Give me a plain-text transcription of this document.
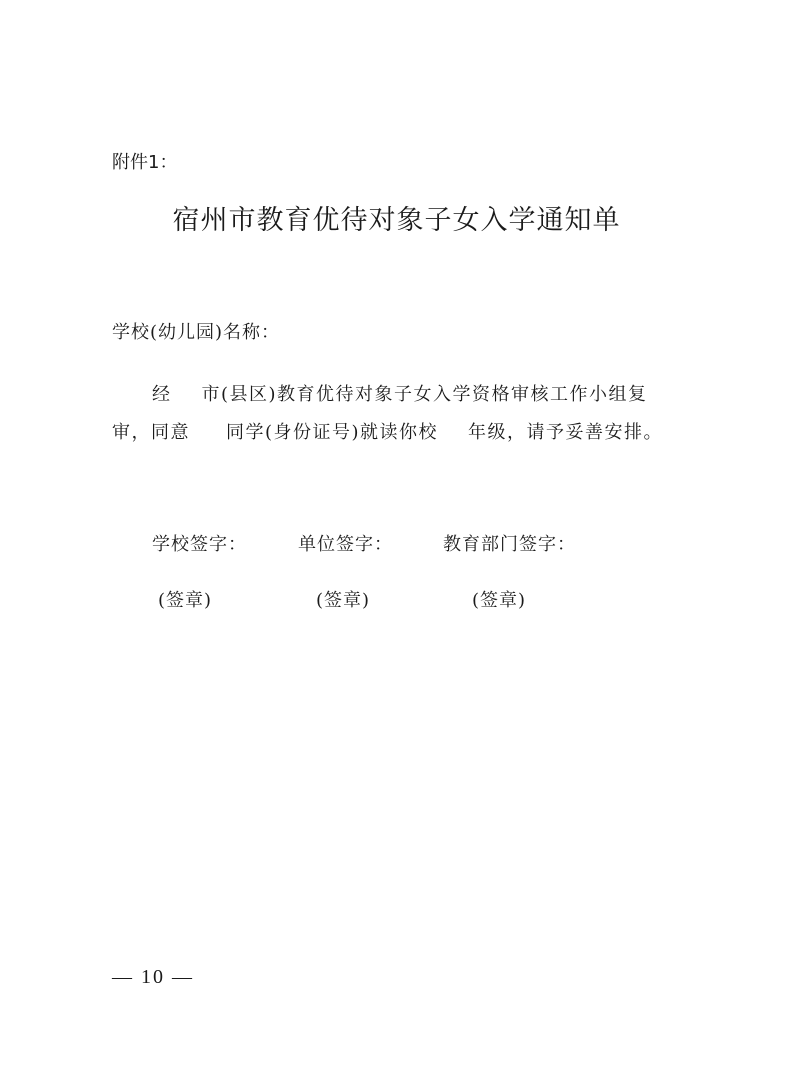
附件1：
宿州市教育优待对象子女入学通知单
学校(幼儿园)名称：
经 市(县区)教育优待对象子女入学资格审核工作小组复
审，同意 同学(身份证号)就读你校 年级，请予妥善安排。
学校签字：	单位签字：	教育部门签字：
(签章)	(签章)	(签章)
— 10 —
